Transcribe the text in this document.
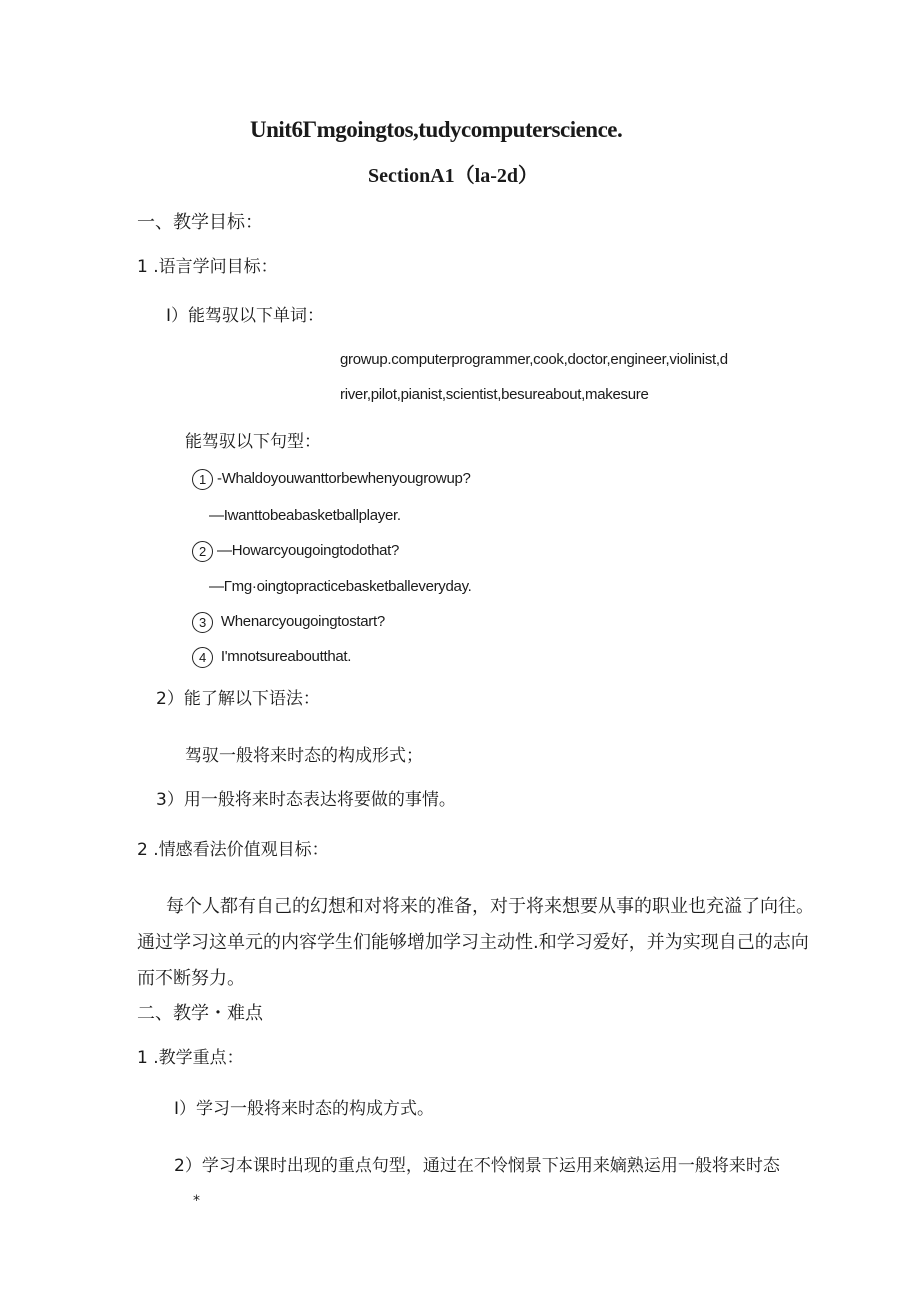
Unit6Γmgoingtos,tudycomputerscience.
SectionA1（la-2d）
一、教学目标：
1 .语言学问目标：
I）能驾驭以下单词：
growup.computerprogrammer,cook,doctor,engineer,violinist,d
river,pilot,pianist,scientist,besureabout,makesure
能驾驭以下句型：
1 -Whaldoyouwanttorbewhenyougrowup?
—Iwanttobeabasketballplayer.
2 —Howarcyougoingtodothat?
—Γmg·oingtopracticebasketballeveryday.
3 Whenarcyougoingtostart?
4 I'mnotsureaboutthat.
2）能了解以下语法：
驾驭一般将来时态的构成形式；
3）用一般将来时态表达将要做的事情。
2 .情感看法价值观目标：
每个人都有自己的幻想和对将来的准备，对于将来想要从事的职业也充溢了向往。
通过学习这单元的内容学生们能够增加学习主动性.和学习爱好，并为实现自己的志向
而不断努力。
二、教学・难点
1 .教学重点：
I）学习一般将来时态的构成方式。
2）学习本课时出现的重点句型，通过在不怜悯景下运用来嫡熟运用一般将来时态
*
